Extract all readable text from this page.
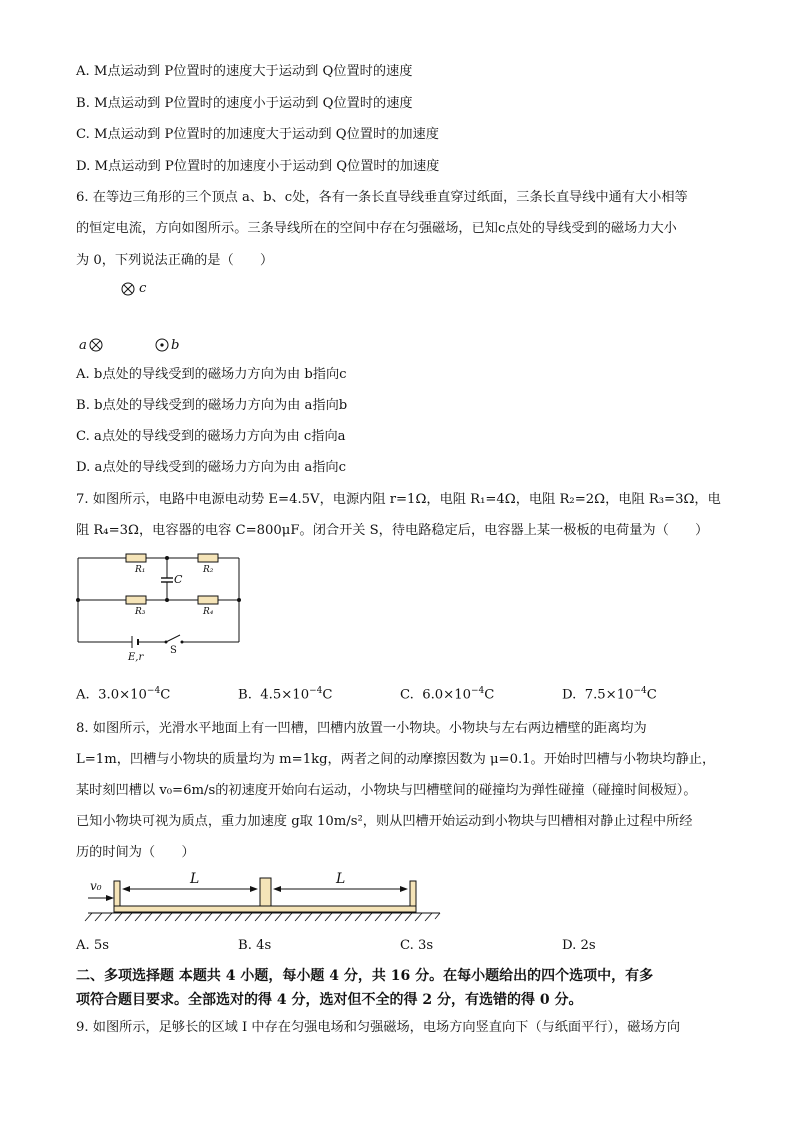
A. M点运动到 P位置时的速度大于运动到 Q位置时的速度
B. M点运动到 P位置时的速度小于运动到 Q位置时的速度
C. M点运动到 P位置时的加速度大于运动到 Q位置时的加速度
D. M点运动到 P位置时的加速度小于运动到 Q位置时的加速度
6. 在等边三角形的三个顶点 a、b、c处，各有一条长直导线垂直穿过纸面，三条长直导线中通有大小相等
的恒定电流，方向如图所示。三条导线所在的空间中存在匀强磁场，已知c点处的导线受到的磁场力大小
为 0，下列说法正确的是（　　）
c
a	b
A. b点处的导线受到的磁场力方向为由 b指向c
B. b点处的导线受到的磁场力方向为由 a指向b
C. a点处的导线受到的磁场力方向为由 c指向a
D. a点处的导线受到的磁场力方向为由 a指向c
7. 如图所示，电路中电源电动势 E=4.5V，电源内阻 r=1Ω，电阻 R₁=4Ω，电阻 R₂=2Ω，电阻 R₃=3Ω，电
阻 R₄=3Ω，电容器的电容 C=800μF。闭合开关 S，待电路稳定后，电容器上某一极板的电荷量为（　　）
R₁	R₂
R₃	R₄
C
E,r
S
A. $3.0\times 10^{-4}C$	B. $4.5\times 10^{-4}C$	C. $6.0\times 10^{-4}C$	D. $7.5\times 10^{-4}C$
8. 如图所示，光滑水平地面上有一凹槽，凹槽内放置一小物块。小物块与左右两边槽壁的距离均为
L=1m，凹槽与小物块的质量均为 m=1kg，两者之间的动摩擦因数为 μ=0.1。开始时凹槽与小物块均静止，
某时刻凹槽以 v₀=6m/s的初速度开始向右运动，小物块与凹槽壁间的碰撞均为弹性碰撞（碰撞时间极短）。
已知小物块可视为质点，重力加速度 g取 10m/s²，则从凹槽开始运动到小物块与凹槽相对静止过程中所经
历的时间为（　　）
v₀	L	L
A. 5s	B. 4s	C. 3s	D. 2s
二、多项选择题 本题共 4 小题，每小题 4 分，共 16 分。在每小题给出的四个选项中，有多
项符合题目要求。全部选对的得 4 分，选对但不全的得 2 分，有选错的得 0 分。
9. 如图所示，足够长的区域 I 中存在匀强电场和匀强磁场，电场方向竖直向下（与纸面平行），磁场方向
